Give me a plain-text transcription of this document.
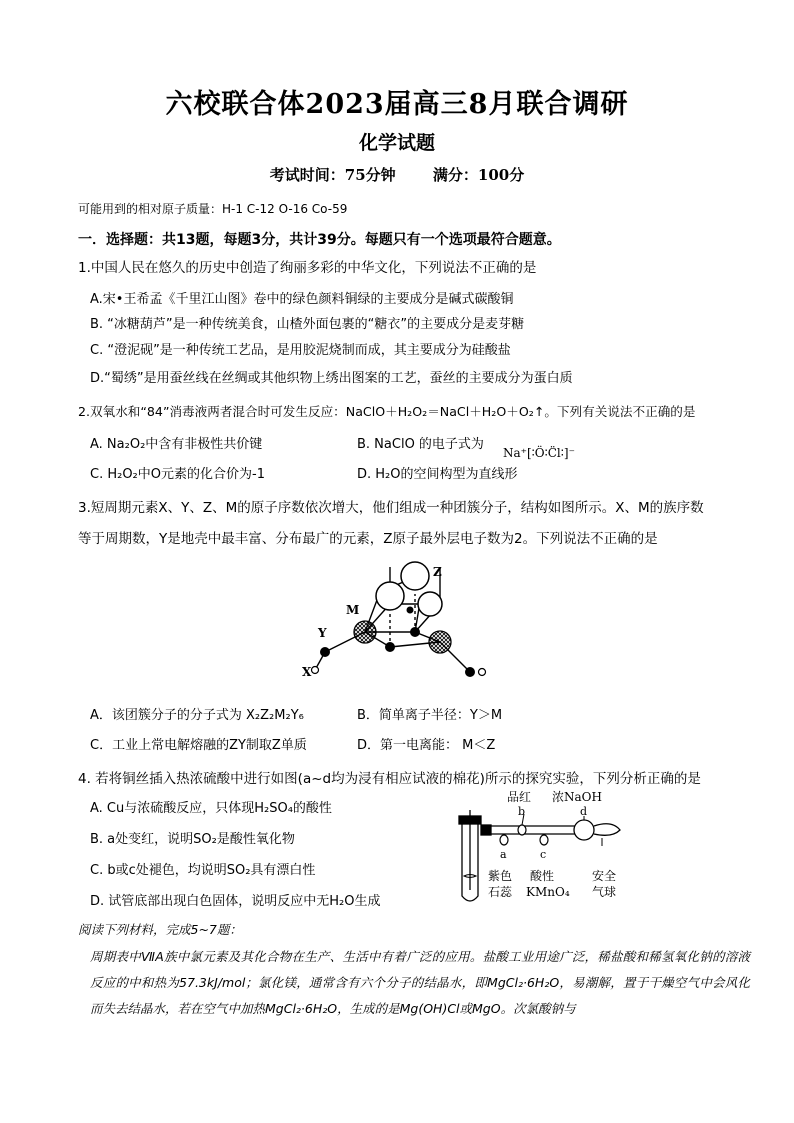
六校联合体2023届高三8月联合调研
化学试题
考试时间：75分钟 满分：100分
可能用到的相对原子质量：H-1 C-12 O-16 Co-59
一．选择题：共13题，每题3分，共计39分。每题只有一个选项最符合题意。
1.中国人民在悠久的历史中创造了绚丽多彩的中华文化，下列说法不正确的是
A.宋•王希孟《千里江山图》卷中的绿色颜料铜绿的主要成分是碱式碳酸铜
B. “冰糖葫芦”是一种传统美食，山楂外面包裹的“糖衣”的主要成分是麦芽糖
C. “澄泥砚”是一种传统工艺品，是用胶泥烧制而成，其主要成分为硅酸盐
D.“蜀绣”是用蚕丝线在丝绸或其他织物上绣出图案的工艺，蚕丝的主要成分为蛋白质
2.双氧水和“84”消毒液两者混合时可发生反应：NaClO＋H₂O₂＝NaCl＋H₂O＋O₂↑。下列有关说法不正确的是
A. Na₂O₂中含有非极性共价键	B. NaClO 的电子式为
Na⁺[∶Ö∶C̈l∶]⁻
C. H₂O₂中O元素的化合价为-1	D. H₂O的空间构型为直线形
3.短周期元素X、Y、Z、M的原子序数依次增大，他们组成一种团簇分子，结构如图所示。X、M的族序数
等于周期数，Y是地壳中最丰富、分布最广的元素，Z原子最外层电子数为2。下列说法不正确的是
Z
M
Y
X
A．该团簇分子的分子式为 X₂Z₂M₂Y₆	B．简单离子半径：Y＞M
C．工业上常电解熔融的ZY制取Z单质	D．第一电离能： M＜Z
4. 若将铜丝插入热浓硫酸中进行如图(a~d均为浸有相应试液的棉花)所示的探究实验，下列分析正确的是
A. Cu与浓硫酸反应，只体现H₂SO₄的酸性
B. a处变红，说明SO₂是酸性氧化物
C. b或c处褪色，均说明SO₂具有漂白性
D. 试管底部出现白色固体，说明反应中无H₂O生成
品红 浓NaOH
b	d
a	c
紫色
石蕊
酸性
KMnO₄
安全
气球
阅读下列材料，完成5~7题：
周期表中ⅦA族中氯元素及其化合物在生产、生活中有着广泛的应用。盐酸工业用途广泛，稀盐酸和稀氢氧化钠的溶液反应的中和热为57.3kJ/mol；氯化镁，通常含有六个分子的结晶水，即MgCl₂·6H₂O，易潮解，置于干燥空气中会风化而失去结晶水，若在空气中加热MgCl₂·6H₂O，生成的是Mg(OH)Cl或MgO。次氯酸钠与
